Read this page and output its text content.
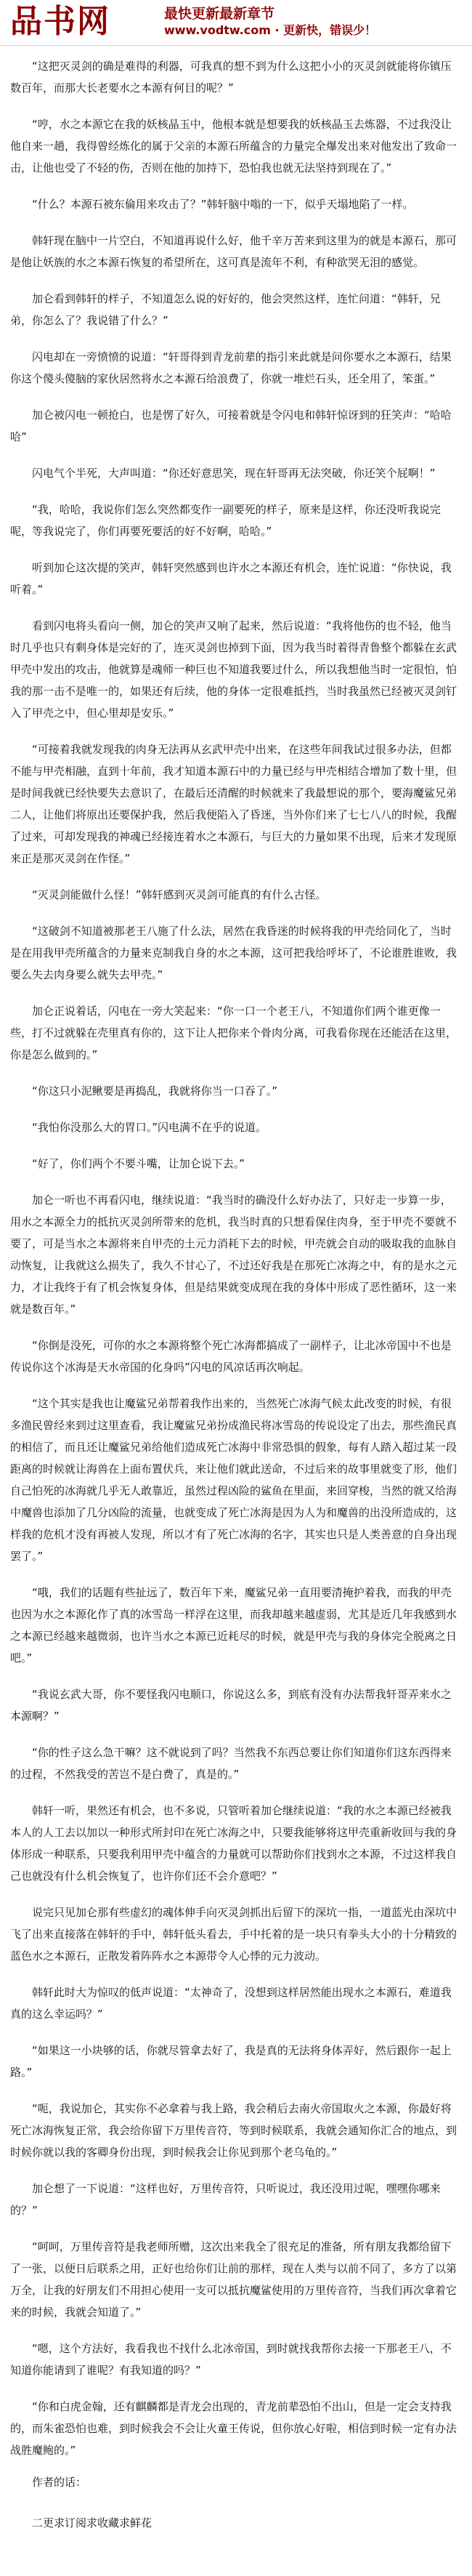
品书网	最快更新最新章节
www.vodtw.com · 更新快，错误少！

“这把灭灵剑的确是难得的利器，可我真的想不到为什么这把小小的灭灵剑就能将你镇压数百年，而那大长老要水之本源有何目的呢？”

“哼，水之本源它在我的妖核晶玉中，他根本就是想要我的妖核晶玉去炼器，不过我没让他自来一趟，我得曾经炼化的属于父亲的本源石所蕴含的力量完全爆发出来对他发出了致命一击，让他也受了不轻的伤，否则在他的加持下，恐怕我也就无法坚持到现在了。”

“什么？本源石被东倫用来攻击了？”韩轩脑中嗡的一下，似乎天塌地陷了一样。

韩轩现在脑中一片空白，不知道再说什么好，他千辛万苦来到这里为的就是本源石，那可是他让妖族的水之本源石恢复的希望所在，这可真是流年不利，有种欲哭无泪的感觉。

加仑看到韩轩的样子，不知道怎么说的好好的，他会突然这样，连忙问道：“韩轩，兄弟，你怎么了？我说错了什么？”

闪电却在一旁愤愤的说道：“轩哥得到青龙前辈的指引来此就是问你要水之本源石，结果你这个傻头傻脑的家伙居然将水之本源石给浪费了，你就一堆烂石头，还全用了，笨蛋。”

加仑被闪电一顿抢白，也是愣了好久，可接着就是令闪电和韩轩惊讶到的狂笑声：“哈哈哈”

闪电气个半死，大声叫道：“你还好意思笑，现在轩哥再无法突破，你还笑个屁啊！”

“我，哈哈，我说你们怎么突然都变作一副要死的样子，原来是这样，你还没听我说完呢，等我说完了，你们再要死要活的好不好啊，哈哈。”

听到加仑这次提的笑声，韩轩突然感到也许水之本源还有机会，连忙说道：“你快说，我听着。”

看到闪电将头看向一侧，加仑的笑声又响了起来，然后说道：“我将他伤的也不轻，他当时几乎也只有剩身体是完好的了，连灭灵剑也掉到下面，因为我当时着得青鲁整个都躲在玄武甲壳中发出的攻击，他就算是魂师一种巨也不知道我要过什么，所以我想他当时一定很怕，怕我的那一击不是唯一的，如果还有后续，他的身体一定很难抵挡，当时我虽然已经被灭灵剑钉入了甲壳之中，但心里却是安乐。”

“可接着我就发现我的肉身无法再从玄武甲壳中出来，在这些年间我试过很多办法，但都不能与甲壳相融，直到十年前，我才知道本源石中的力量已经与甲壳相结合增加了数十里，但是时间我就已经快要失去意识了，在最后还清醒的时候就来了我最想说的那个，要海魔鲨兄弟二人，让他们将原出还要保护我，然后我便陷入了昏迷，当外你们来了七七八八的时候，我醒了过来，可却发现我的神魂已经接连着水之本源石，与巨大的力量如果不出现，后来才发现原来正是那灭灵剑在作怪。”

“灭灵剑能做什么怪！”韩轩感到灭灵剑可能真的有什么古怪。

“这破剑不知道被那老王八施了什么法，居然在我昏迷的时候将我的甲壳给同化了，当时是在用我甲壳所蕴含的力量来克制我自身的水之本源，这可把我给呼坏了，不论谁胜谁败，我要么失去肉身要么就失去甲壳。”

加仑正说着话，闪电在一旁大笑起来：“你一口一个老王八，不知道你们两个谁更像一些，打不过就躲在壳里真有你的，这下让人把你来个骨肉分离，可我看你现在还能活在这里，你是怎么做到的。”

“你这只小泥鳅要是再捣乱，我就将你当一口吞了。”

“我怕你没那么大的胃口。”闪电满不在乎的说道。

“好了，你们两个不要斗嘴，让加仑说下去。”

加仑一听也不再看闪电，继续说道：“我当时的确没什么好办法了，只好走一步算一步，用水之本源全力的抵抗灭灵剑所带来的危机，我当时真的只想看保住肉身，至于甲壳不要就不要了，可是当水之本源将来自甲壳的土元力消耗下去的时候，甲壳就会自动的吸取我的血脉自动恢复，让我就这么损失了，我久不甘心了，不过还好我是在那死亡冰海之中，有的是水之元力，才让我终于有了机会恢复身体，但是结果就变成现在我的身体中形成了恶性循环，这一来就是数百年。”

“你倒是没死，可你的水之本源将整个死亡冰海都搞成了一副样子，让北冰帝国中不也是传说你这个冰海是天水帝国的化身吗”闪电的风凉话再次响起。

“这个其实是我也让魔鲨兄弟帮着我作出来的，当然死亡冰海气候太此改变的时候，有很多渔民曾经来到过这里查看，我让魔鲨兄弟扮成渔民将冰雪岛的传说设定了出去，那些渔民真的相信了，而且还让魔鲨兄弟给他们造成死亡冰海中非常恐惧的假象，每有人踏入超过某一段距离的时候就让海兽在上面布置伏兵，来让他们就此送命，不过后来的故事里就变了形，他们自己怕死的冰海就几乎无人敢靠近，虽然过程凶险的鲨鱼在里面，来回穿梭，当然的就又给海中魔兽也添加了几分凶险的流量，也就变成了死亡冰海是因为人为和魔兽的出没所造成的，这样我的危机才没有再被人发现，所以才有了死亡冰海的名字，其实也只是人类善意的自身出现罢了。”

“哦，我们的话题有些扯远了，数百年下来，魔鲨兄弟一直用要清掩护着我，而我的甲壳也因为水之本源化作了真的冰雪岛一样浮在这里，而我却越来越虚弱，尤其是近几年我感到水之本源已经越来越微弱，也许当水之本源已近耗尽的时候，就是甲壳与我的身体完全脱离之日吧。”

“我说玄武大哥，你不要怪我闪电顺口，你说这么多，到底有没有办法帮我轩哥弄来水之本源啊？”

“你的性子这么急干嘛？这不就说到了吗？当然我不东西总要让你们知道你们这东西得来的过程，不然我受的苦岂不是白费了，真是的。”

韩轩一听，果然还有机会，也不多说，只管听着加仑继续说道：“我的水之本源已经被我本人的人工去以加以一种形式所封印在死亡冰海之中，只要我能够将这甲壳重新收回与我的身体形成一种联系，只要我利用甲壳中蕴含的力量就可以帮助你们找到水之本源，不过这样我自己也就没有什么机会恢复了，也许你们还不会介意吧？”

说完只见加仑那有些虚幻的魂体伸手向灭灵剑抓出后留下的深坑一指，一道蓝光由深坑中飞了出来直接落在韩轩的手中，韩轩低头看去，手中托着的是一块只有拳头大小的十分精致的蓝色水之本源石，正散发着阵阵水之本源带令人心悸的元力波动。

韩轩此时大为惊叹的低声说道：“太神奇了，没想到这样居然能出现水之本源石，难道我真的这么幸运吗？”

“如果这一小块够的话，你就尽管拿去好了，我是真的无法将身体弄好，然后跟你一起上路。”

“呃，我说加仑，其实你不必拿着与我上路，我会稍后去南火帝国取火之本源，你最好将死亡冰海恢复正常，我会给你留下万里传音符，等到时候联系，我就会通知你汇合的地点，到时候你就以我的客卿身份出现，到时候我会让你见到那个老乌龟的。”

加仑想了一下说道：“这样也好，万里传音符，只听说过，我还没用过呢，嘿嘿你哪来的？”

“呵呵，万里传音符是我老师所赠，这次出来我全了很充足的准备，所有朋友我都给留下了一张，以便日后联系之用，正好也给你们让前的那样，现在人类与以前不同了，多方了以第万全，让我的好朋友们不用担心使用一支可以抵抗魔鲨使用的万里传音符，当我们再次拿着它来的时候，我就会知道了。”

“嗯，这个方法好，我看我也不找什么北冰帝国，到时就找我帮你去接一下那老王八，不知道你能请到了谁呢？有我知道的吗？”

“你和白虎金翰，还有麒麟都是青龙会出现的，青龙前辈恐怕不出山，但是一定会支持我的，而朱雀恐怕也难，到时候我会不会让火童王传说，但你放心好啦，相信到时候一定有办法战胜魔鲍的。”

作者的话：

二更求订阅求收藏求鲜花
